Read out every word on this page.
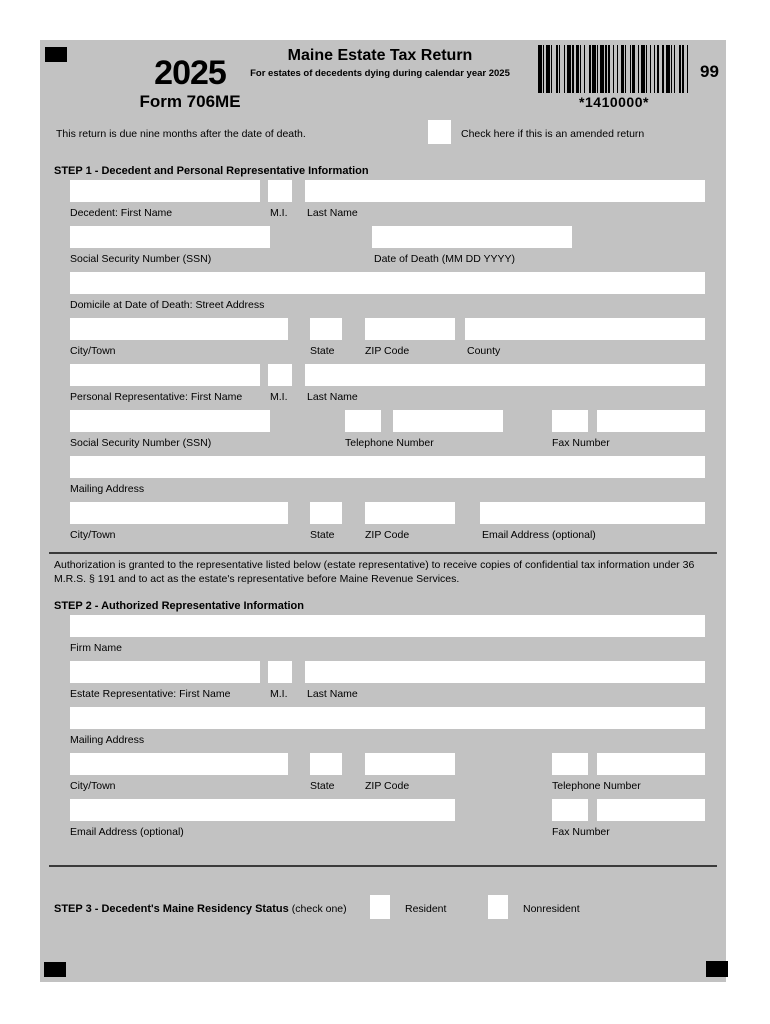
2025
Form 706ME
Maine Estate Tax Return
For estates of decedents dying during calendar year 2025
*1410000*
99
This return is due nine months after the date of death.	Check here if this is an amended return
STEP 1 - Decedent and Personal Representative Information
Decedent: First Name	M.I. Last Name
Social Security Number (SSN)	Date of Death (MM DD YYYY)
Domicile at Date of Death: Street Address
City/Town	State	ZIP Code	County
Personal Representative: First Name	M.I. Last Name
Social Security Number (SSN)	Telephone Number	Fax Number
Mailing Address
City/Town	State	ZIP Code	Email Address (optional)
Authorization is granted to the representative listed below (estate representative) to receive copies of confidential tax information under 36 M.R.S. § 191 and to act as the estate's representative before Maine Revenue Services.
STEP 2 - Authorized Representative Information
Firm Name
Estate Representative: First Name	M.I. Last Name
Mailing Address
City/Town	State	ZIP Code	Telephone Number
Email Address (optional)	Fax Number
STEP 3 - Decedent's Maine Residency Status (check one)	Resident	Nonresident
